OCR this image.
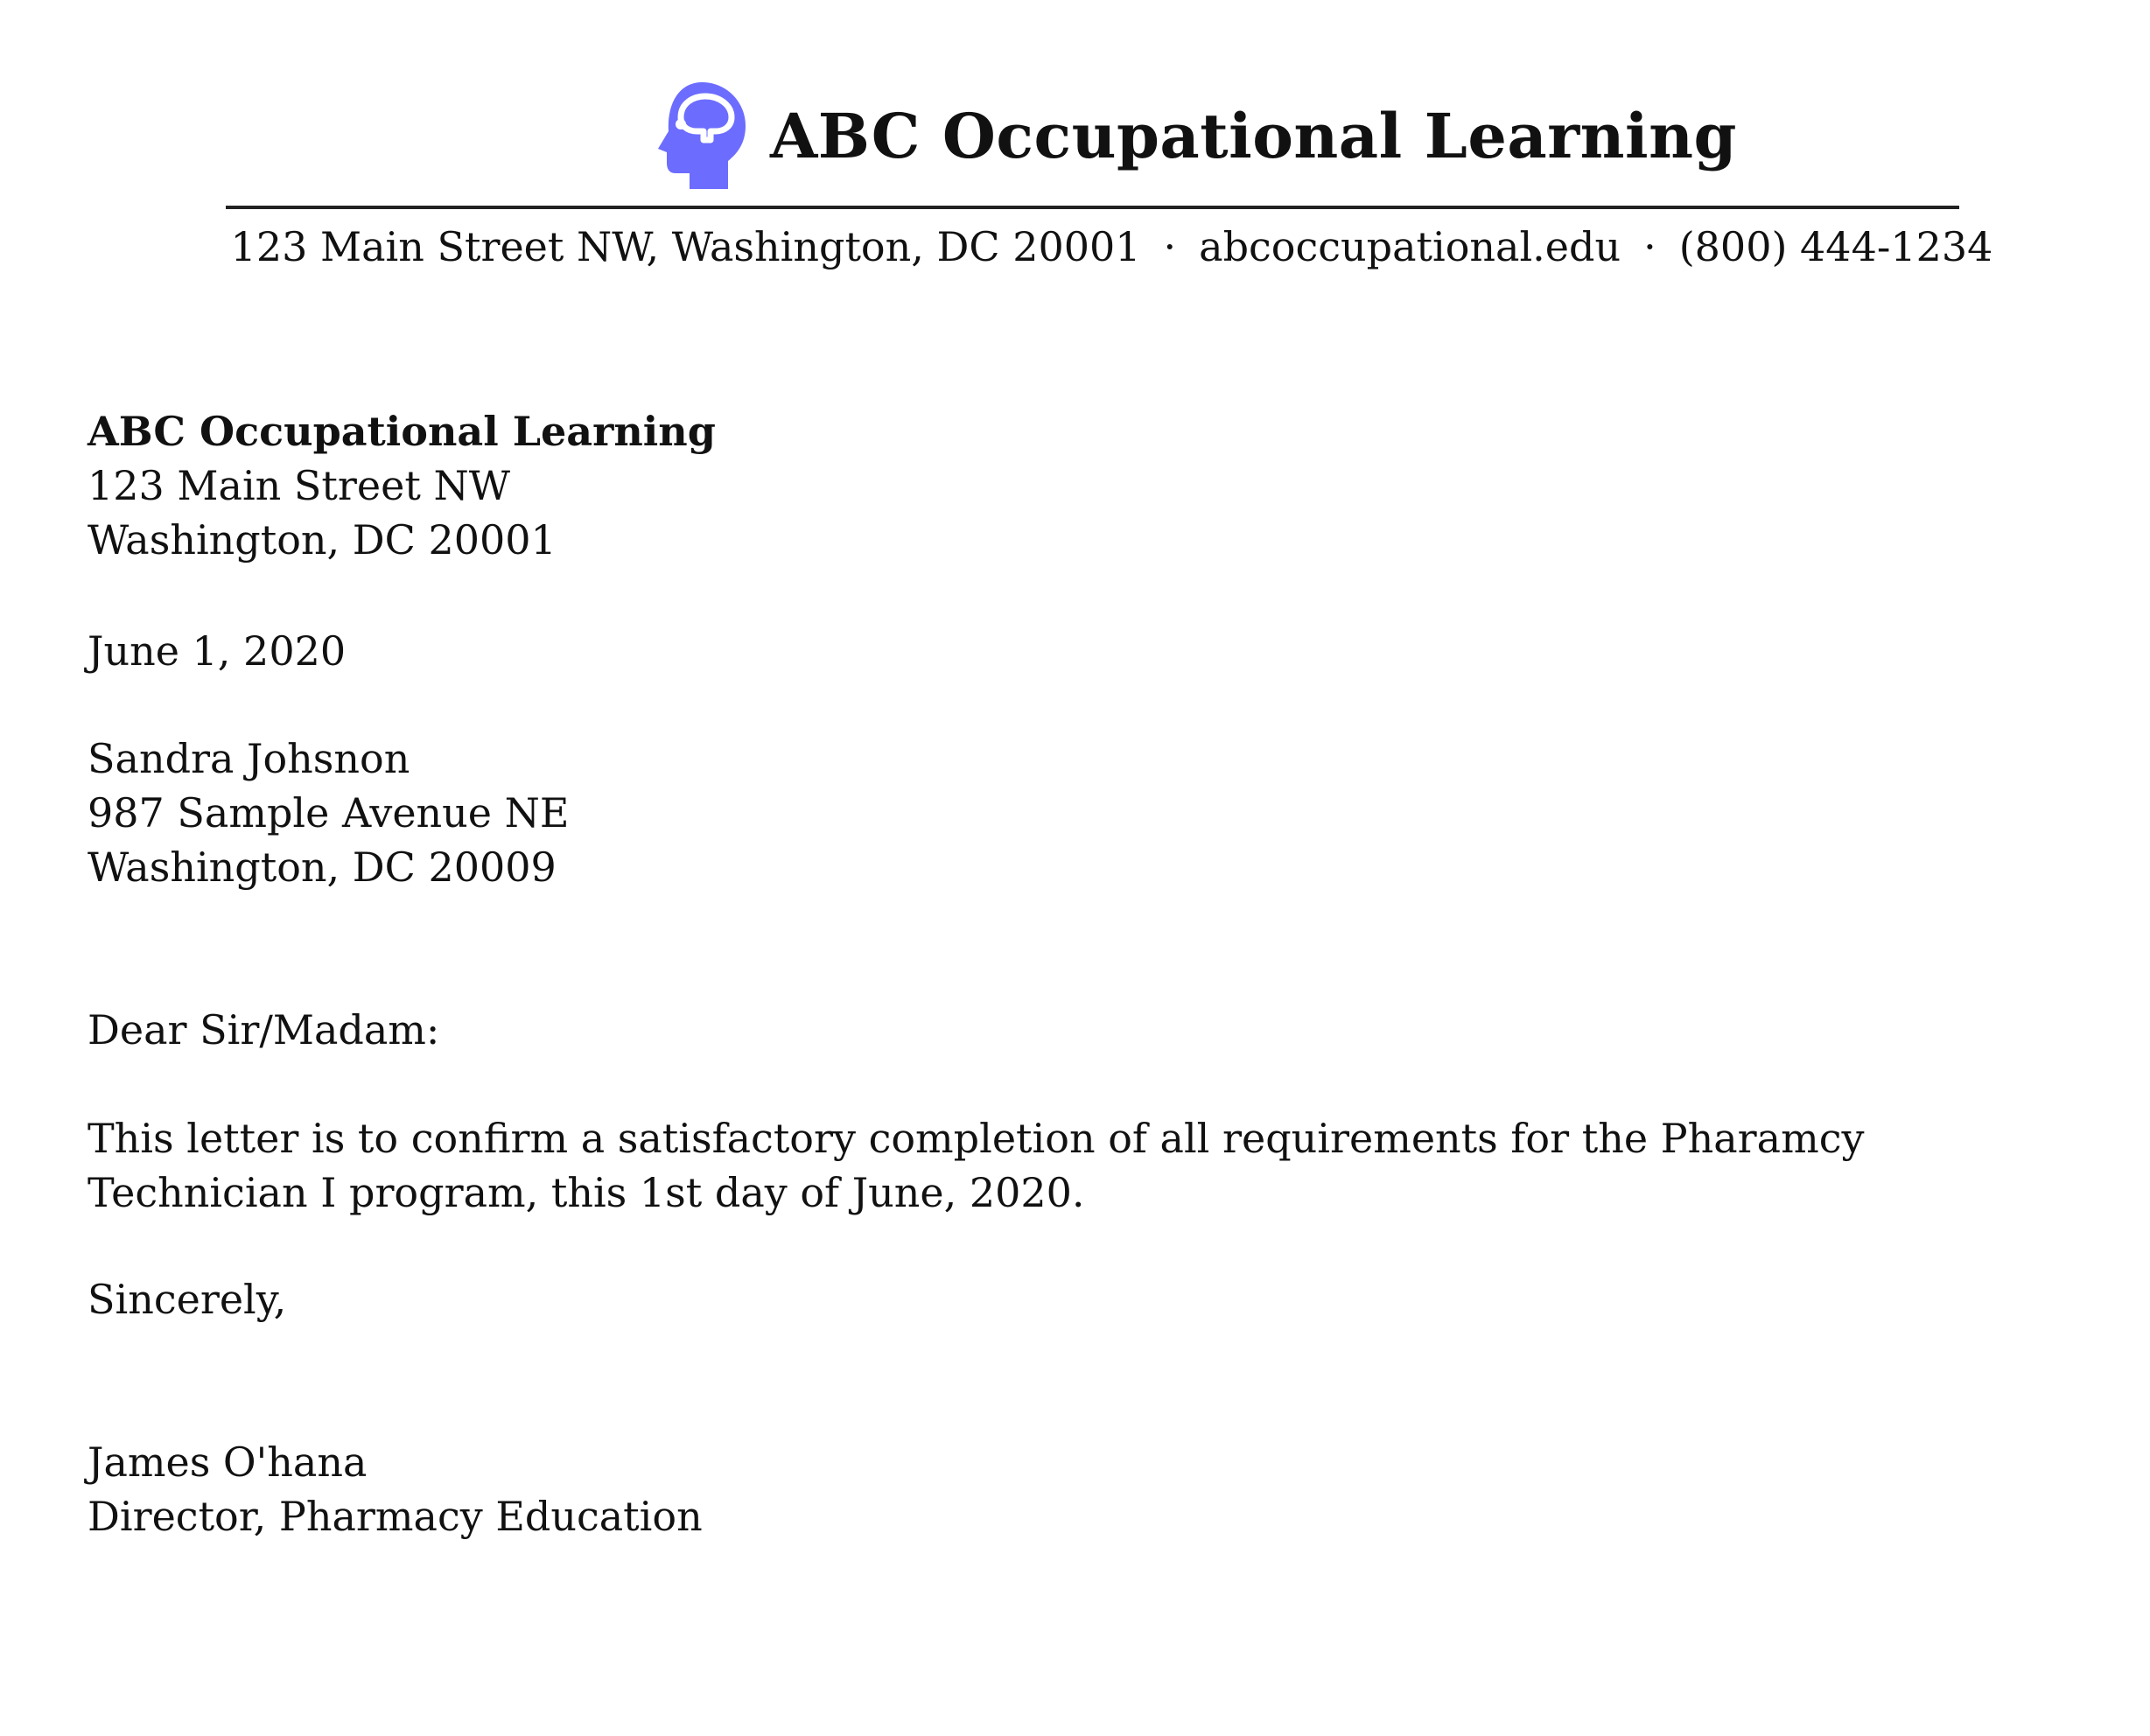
ABC Occupational Learning
123 Main Street NW, Washington, DC 20001 · abcoccupational.edu · (800) 444-1234
ABC Occupational Learning
123 Main Street NW
Washington, DC 20001
June 1, 2020
Sandra Johsnon
987 Sample Avenue NE
Washington, DC 20009
Dear Sir/Madam:
This letter is to confirm a satisfactory completion of all requirements for the Pharamcy Technician I program, this 1st day of June, 2020.
Sincerely,
James O'hana
Director, Pharmacy Education
